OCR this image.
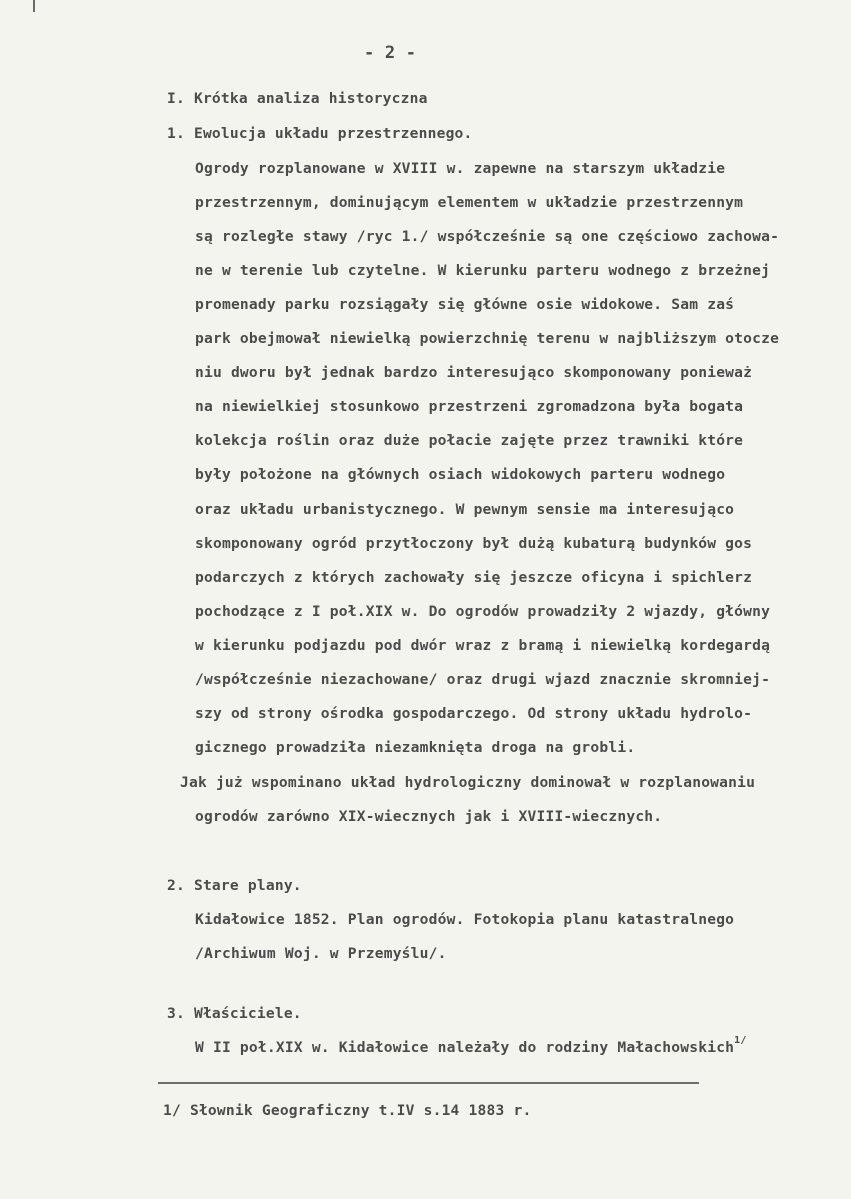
- 2 -
I. Krótka analiza historyczna
1. Ewolucja układu przestrzennego.
Ogrody rozplanowane w XVIII w. zapewne na starszym układzie
przestrzennym, dominującym elementem w układzie przestrzennym
są rozległe stawy /ryc 1./ współcześnie są one częściowo zachowa-
ne w terenie lub czytelne. W kierunku parteru wodnego z brzeżnej
promenady parku rozsiągały się główne osie widokowe. Sam zaś
park obejmował niewielką powierzchnię terenu w najbliższym otocze
niu dworu był jednak bardzo interesująco skomponowany ponieważ
na niewielkiej stosunkowo przestrzeni zgromadzona była bogata
kolekcja roślin oraz duże połacie zajęte przez trawniki które
były położone na głównych osiach widokowych parteru wodnego
oraz układu urbanistycznego. W pewnym sensie ma interesująco
skomponowany ogród przytłoczony był dużą kubaturą budynków gos
podarczych z których zachowały się jeszcze oficyna i spichlerz
pochodzące z I poł.XIX w. Do ogrodów prowadziły 2 wjazdy, główny
w kierunku podjazdu pod dwór wraz z bramą i niewielką kordegardą
/współcześnie niezachowane/ oraz drugi wjazd znacznie skromniej-
szy od strony ośrodka gospodarczego. Od strony układu hydrolo-
gicznego prowadziła niezamknięta droga na grobli.
Jak już wspominano układ hydrologiczny dominował w rozplanowaniu
ogrodów zarówno XIX-wiecznych jak i XVIII-wiecznych.
2. Stare plany.
Kidałowice 1852. Plan ogrodów. Fotokopia planu katastralnego
/Archiwum Woj. w Przemyślu/.
3. Właściciele.
W II poł.XIX w. Kidałowice należały do rodziny Małachowskich$^{1/}$
1/ Słownik Geograficzny t.IV s.14 1883 r.
